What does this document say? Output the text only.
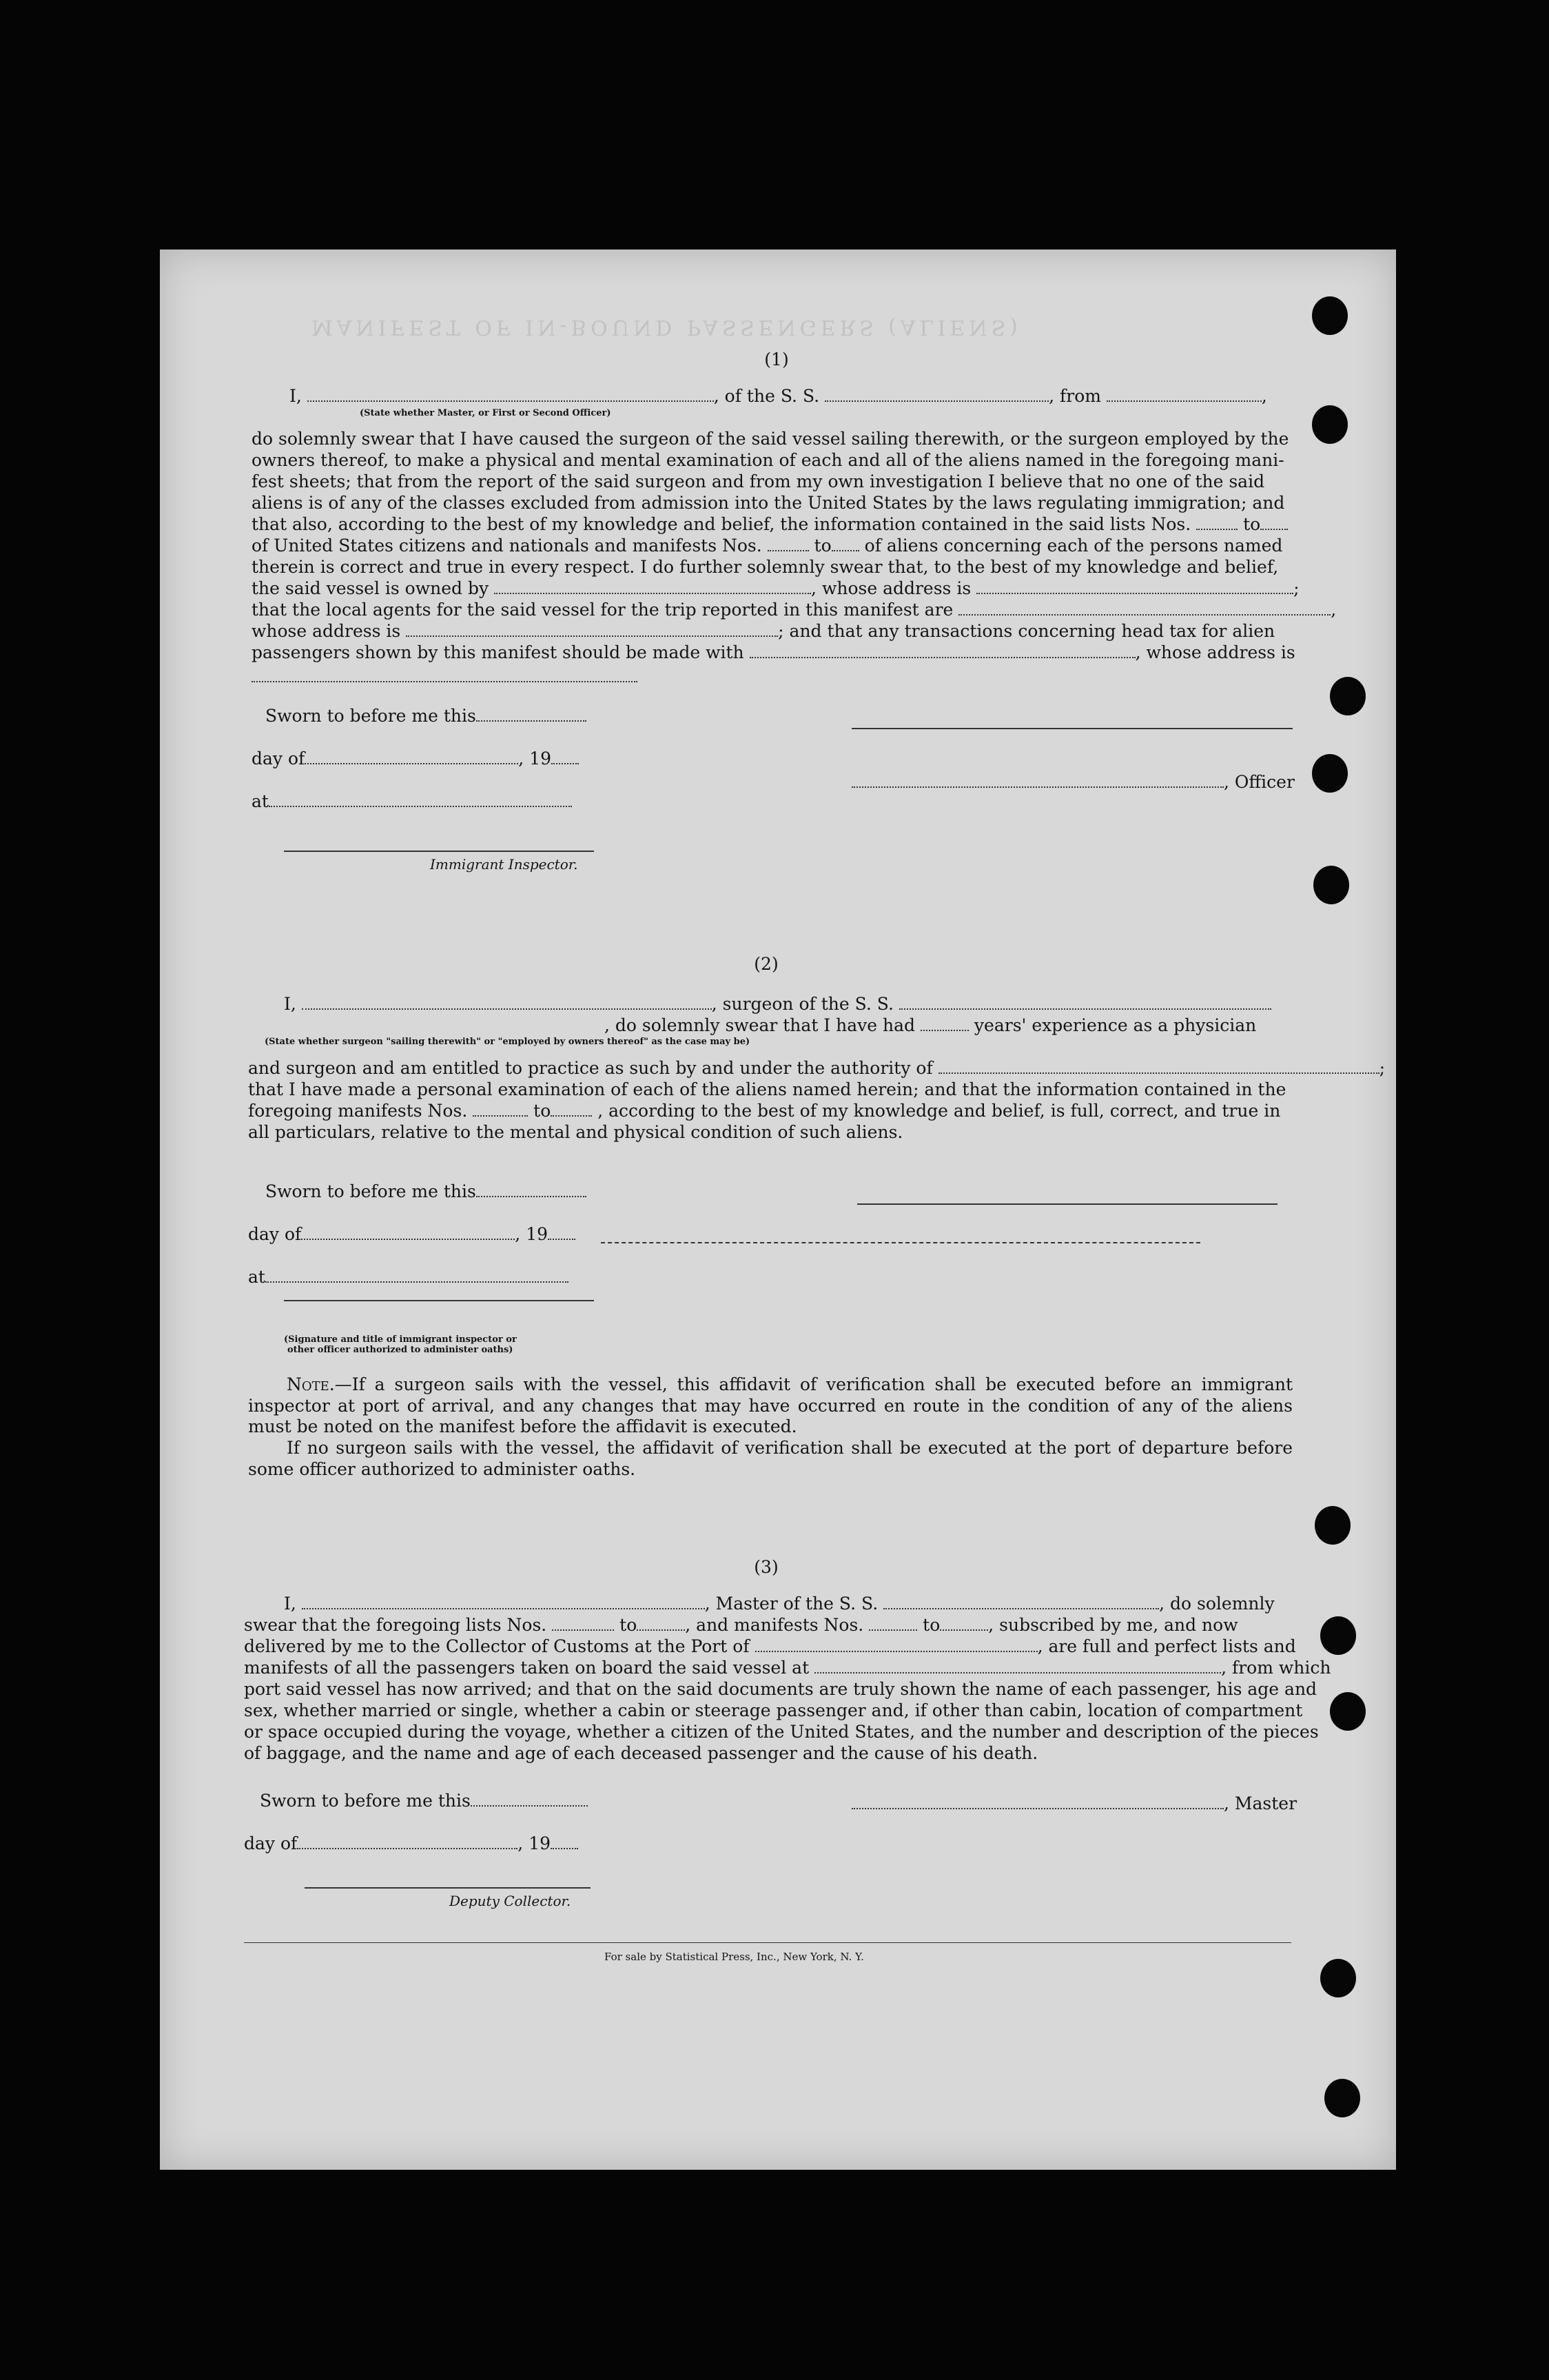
MANIFEST OF IN-BOUND PASSENGERS (ALIENS)
(1)
I,	, of the S. S.	, from	,
(State whether Master, or First or Second Officer)
do solemnly swear that I have caused the surgeon of the said vessel sailing therewith, or the surgeon employed by the
owners thereof, to make a physical and mental examination of each and all of the aliens named in the foregoing mani-
fest sheets; that from the report of the said surgeon and from my own investigation I believe that no one of the said
aliens is of any of the classes excluded from admission into the United States by the laws regulating immigration; and
that also, according to the best of my knowledge and belief, the information contained in the said lists Nos.	to
of United States citizens and nationals and manifests Nos.	to of aliens concerning each of the persons named
therein is correct and true in every respect. I do further solemnly swear that, to the best of my knowledge and belief,
the said vessel is owned by	, whose address is	;
that the local agents for the said vessel for the trip reported in this manifest are	,
whose address is	; and that any transactions concerning head tax for alien
passengers shown by this manifest should be made with	, whose address is
Sworn to before me this
day of	, 19
at
Immigrant Inspector.
, Officer
(2)
I,	, surgeon of the S. S.
, do solemnly swear that I have had	years' experience as a physician
(State whether surgeon "sailing therewith" or "employed by owners thereof" as the case may be)
and surgeon and am entitled to practice as such by and under the authority of	;
that I have made a personal examination of each of the aliens named herein; and that the information contained in the
foregoing manifests Nos.	to	, according to the best of my knowledge and belief, is full, correct, and true in
all particulars, relative to the mental and physical condition of such aliens.
Sworn to before me this
day of	, 19
at
(Signature and title of immigrant inspector or
other officer authorized to administer oaths)

Note.—If a surgeon sails with the vessel, this affidavit of verification shall be executed before an immigrant inspector at port of arrival, and any changes that may have occurred en route in the condition of any of the aliens must be noted on the manifest before the affidavit is executed.

If no surgeon sails with the vessel, the affidavit of verification shall be executed at the port of departure before some officer authorized to administer oaths.

(3)
I,	, Master of the S. S.	, do solemnly
swear that the foregoing lists Nos.	to	, and manifests Nos.	to	, subscribed by me, and now
delivered by me to the Collector of Customs at the Port of	, are full and perfect lists and
manifests of all the passengers taken on board the said vessel at	, from which
port said vessel has now arrived; and that on the said documents are truly shown the name of each passenger, his age and
sex, whether married or single, whether a cabin or steerage passenger and, if other than cabin, location of compartment
or space occupied during the voyage, whether a citizen of the United States, and the number and description of the pieces
of baggage, and the name and age of each deceased passenger and the cause of his death.
Sworn to before me this	, Master
day of	, 19
Deputy Collector.
For sale by Statistical Press, Inc., New York, N. Y.
